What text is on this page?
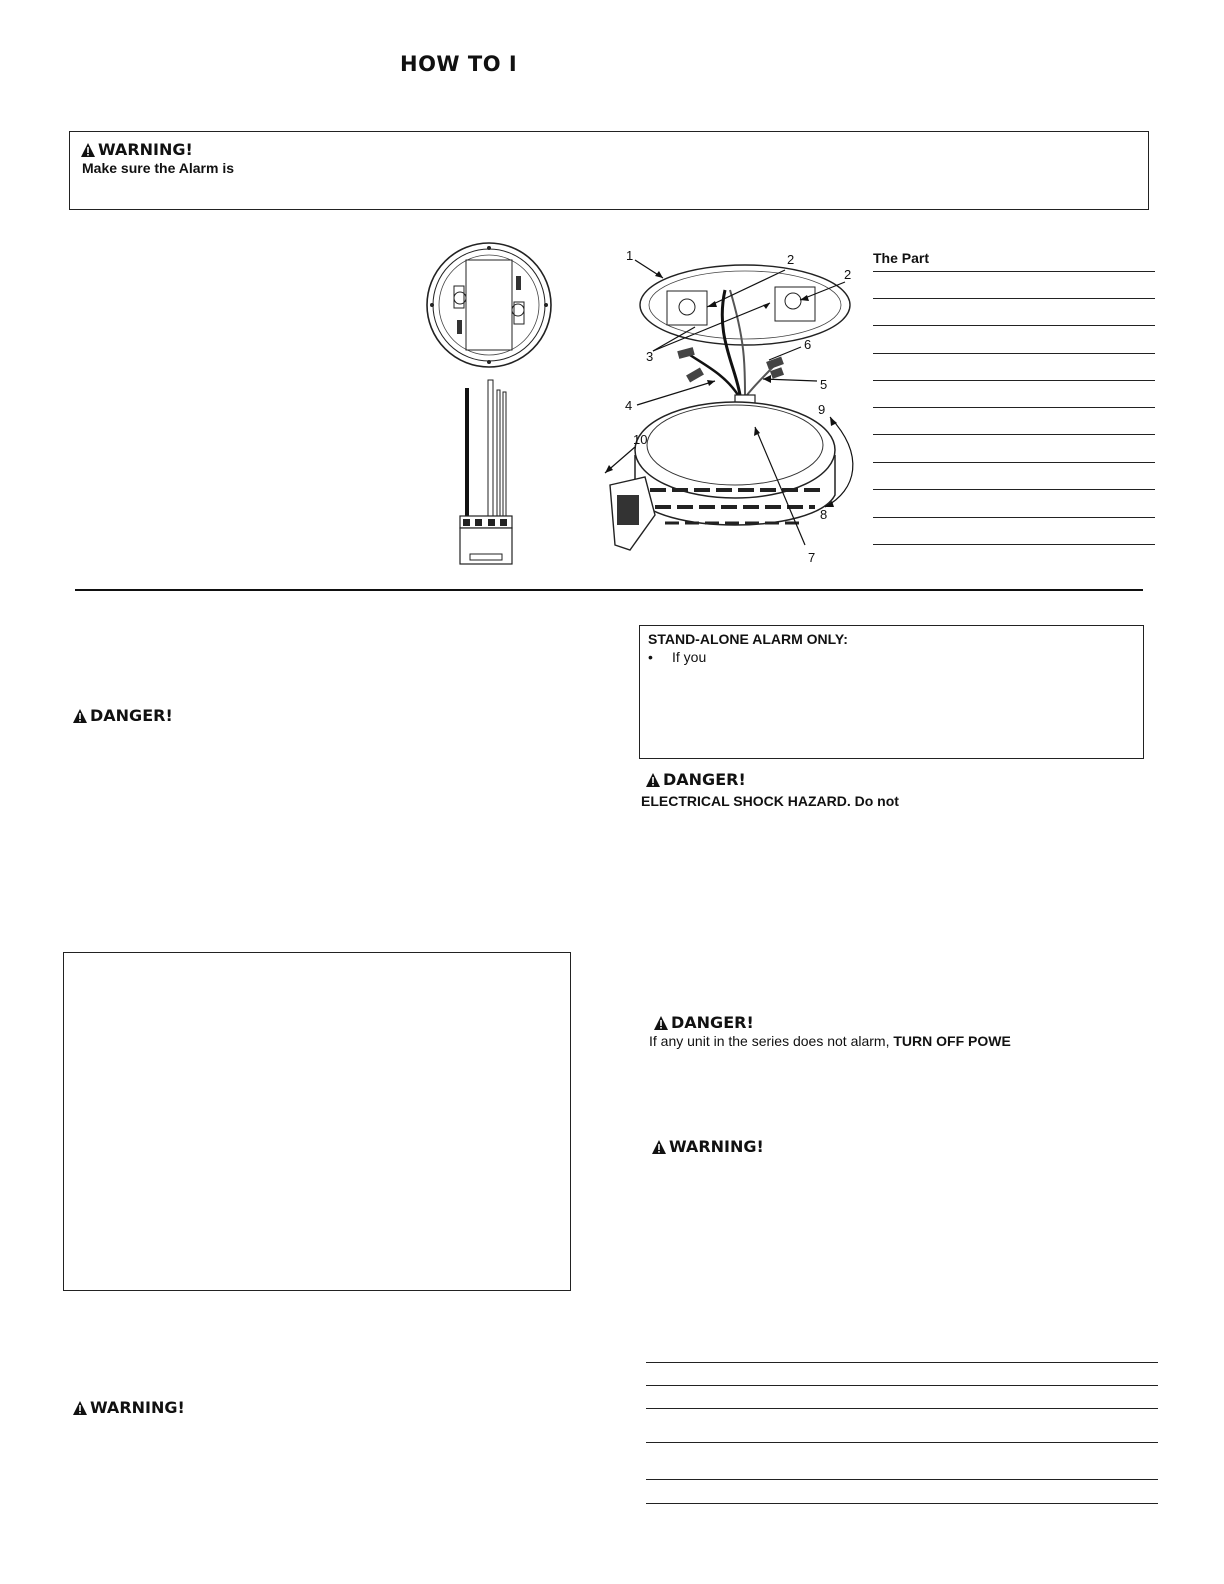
HOW TO I
WARNING!
Make sure the Alarm is
1	2
2
3
4
5
6
7
8
9
10
The Part
DANGER!
WARNING!
STAND-ALONE ALARM ONLY:
• If you
DANGER!
ELECTRICAL SHOCK HAZARD. Do not
DANGER!
If any unit in the series does not alarm, TURN OFF POWE
WARNING!
